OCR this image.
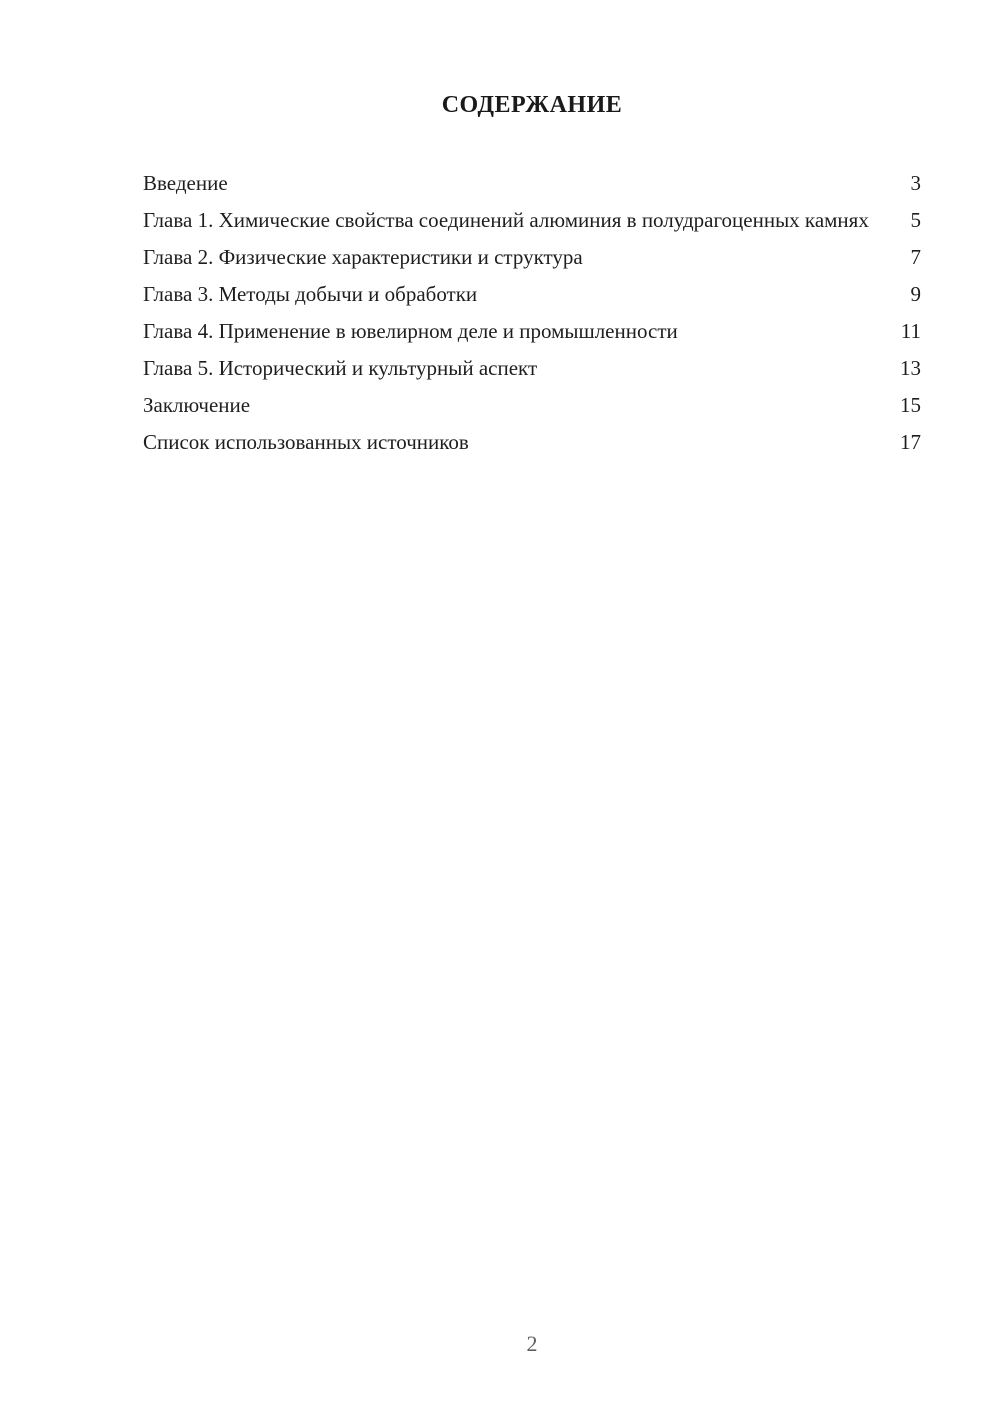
СОДЕРЖАНИЕ
Введение	3
Глава 1. Химические свойства соединений алюминия в полудрагоценных камнях 5
Глава 2. Физические характеристики и структура	7
Глава 3. Методы добычи и обработки	9
Глава 4. Применение в ювелирном деле и промышленности	11
Глава 5. Исторический и культурный аспект	13
Заключение	15
Список использованных источников	17
2
